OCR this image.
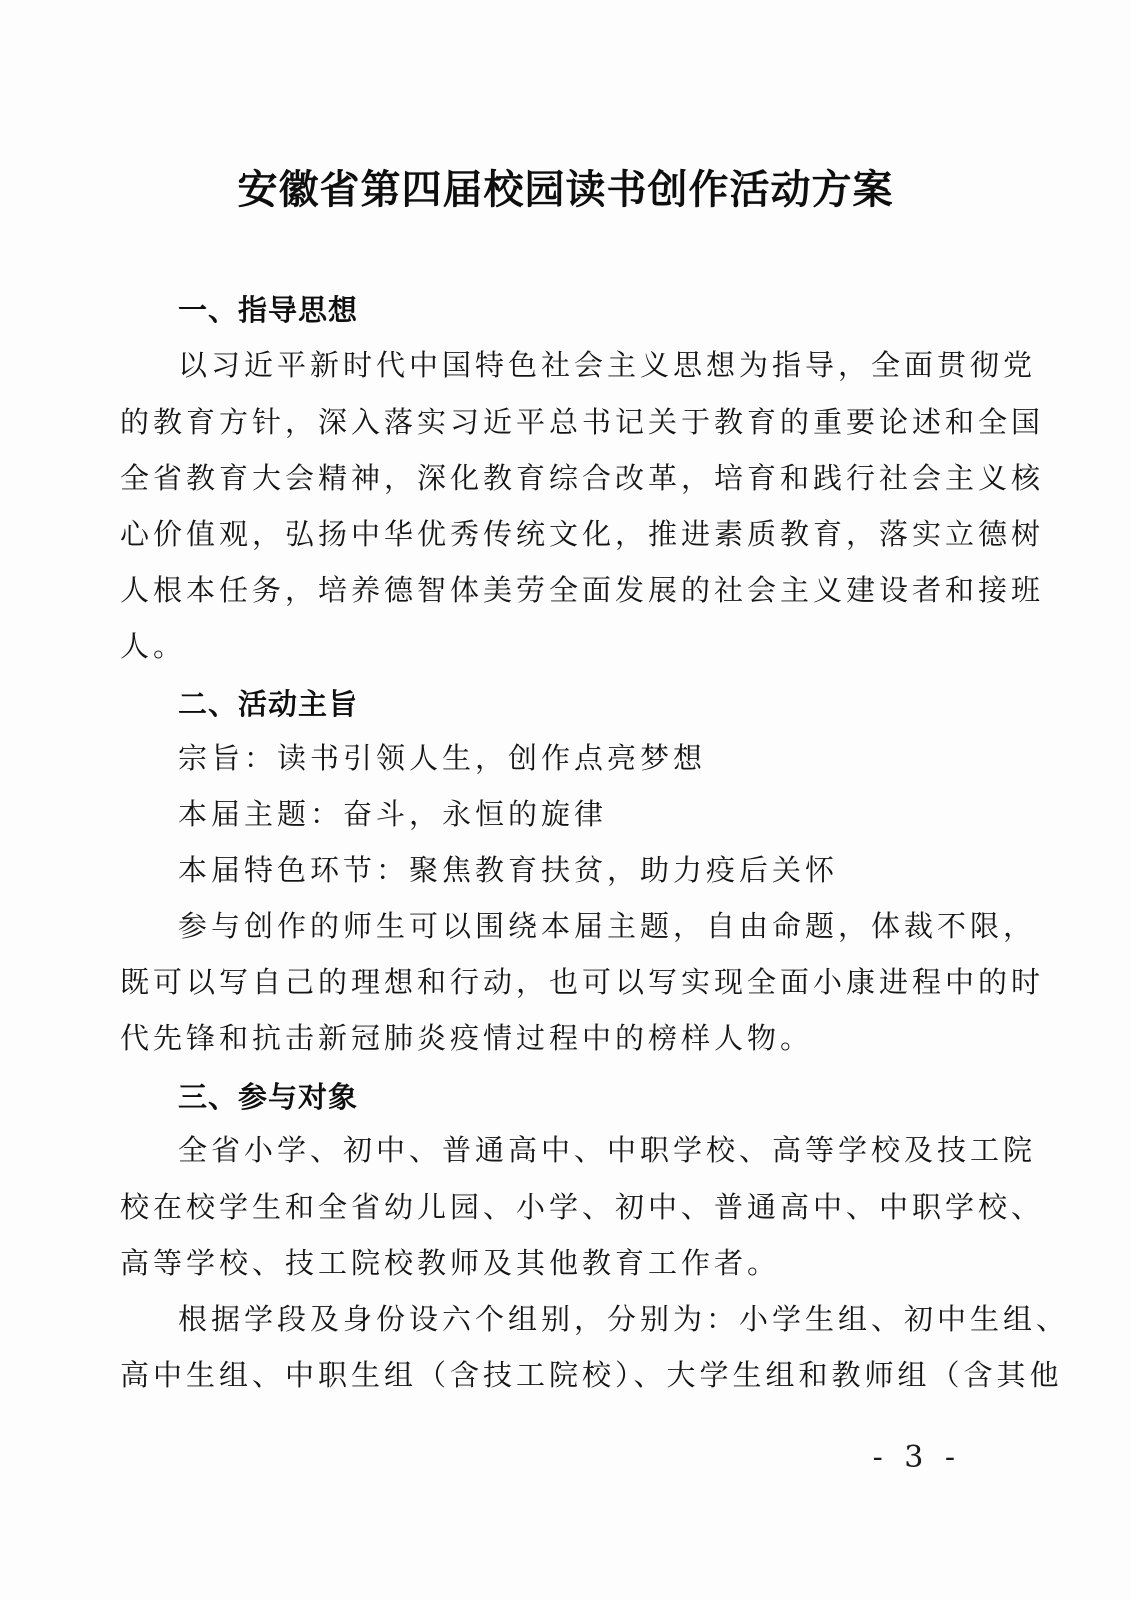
安徽省第四届校园读书创作活动方案
一、指导思想
以习近平新时代中国特色社会主义思想为指导，全面贯彻党
的教育方针，深入落实习近平总书记关于教育的重要论述和全国
全省教育大会精神，深化教育综合改革，培育和践行社会主义核
心价值观，弘扬中华优秀传统文化，推进素质教育，落实立德树
人根本任务，培养德智体美劳全面发展的社会主义建设者和接班
人。
二、活动主旨
宗旨：读书引领人生，创作点亮梦想
本届主题：奋斗，永恒的旋律
本届特色环节：聚焦教育扶贫，助力疫后关怀
参与创作的师生可以围绕本届主题，自由命题，体裁不限，
既可以写自己的理想和行动，也可以写实现全面小康进程中的时
代先锋和抗击新冠肺炎疫情过程中的榜样人物。
三、参与对象
全省小学、初中、普通高中、中职学校、高等学校及技工院
校在校学生和全省幼儿园、小学、初中、普通高中、中职学校、
高等学校、技工院校教师及其他教育工作者。
根据学段及身份设六个组别，分别为：小学生组、初中生组、
高中生组、中职生组（含技工院校）、大学生组和教师组（含其他
- 3 -
